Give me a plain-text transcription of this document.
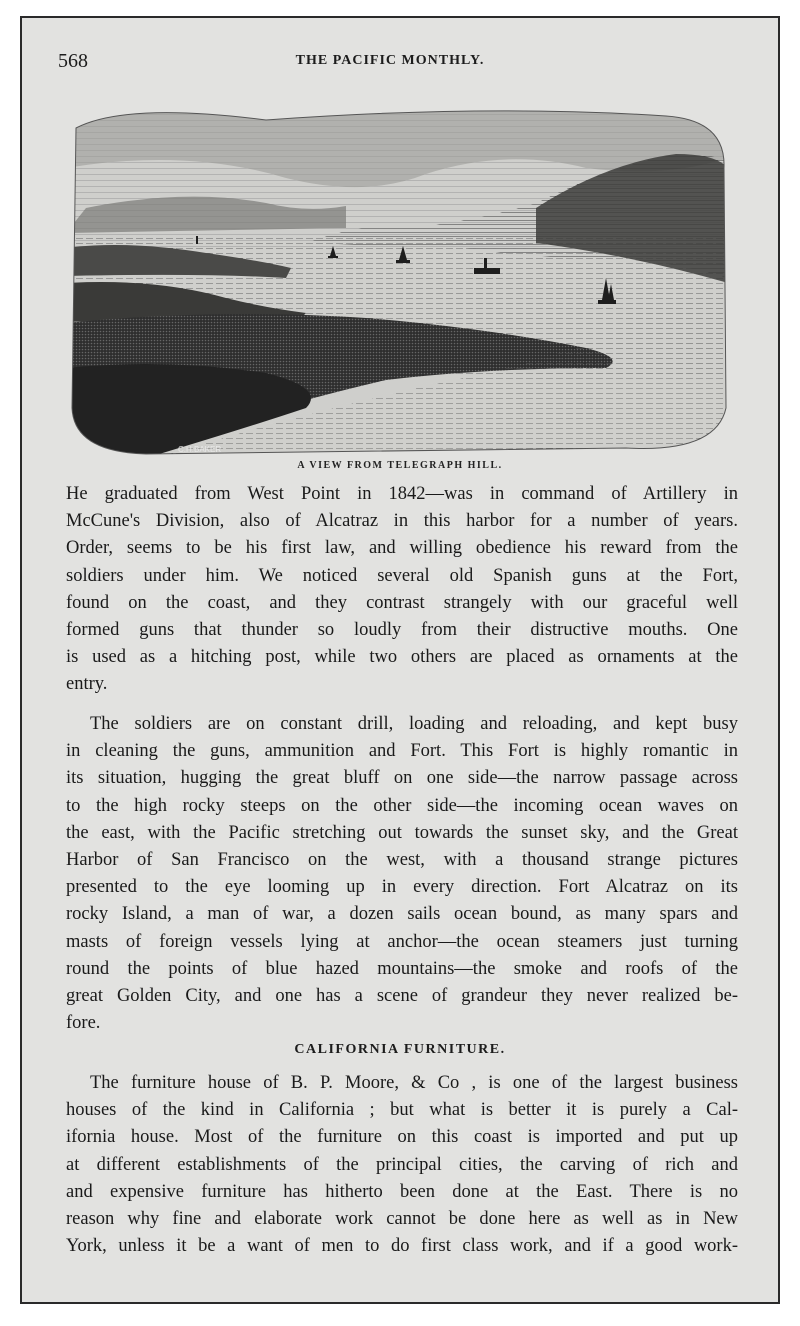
568	THE PACIFIC MONTHLY.
C.H.BAKER
A VIEW FROM TELEGRAPH HILL.
He graduated from West Point in 1842—was in command of Artillery in
McCune's Division, also of Alcatraz in this harbor for a number of years.
Order, seems to be his first law, and willing obedience his reward from the
soldiers under him. We noticed several old Spanish guns at the Fort,
found on the coast, and they contrast strangely with our graceful well
formed guns that thunder so loudly from their distructive mouths. One
is used as a hitching post, while two others are placed as ornaments at the
entry.
The soldiers are on constant drill, loading and reloading, and kept busy
in cleaning the guns, ammunition and Fort. This Fort is highly romantic in
its situation, hugging the great bluff on one side—the narrow passage across
to the high rocky steeps on the other side—the incoming ocean waves on
the east, with the Pacific stretching out towards the sunset sky, and the Great
Harbor of San Francisco on the west, with a thousand strange pictures
presented to the eye looming up in every direction. Fort Alcatraz on its
rocky Island, a man of war, a dozen sails ocean bound, as many spars and
masts of foreign vessels lying at anchor—the ocean steamers just turning
round the points of blue hazed mountains—the smoke and roofs of the
great Golden City, and one has a scene of grandeur they never realized be-
fore.
CALIFORNIA FURNITURE.
The furniture house of B. P. Moore, & Co , is one of the largest business
houses of the kind in California ; but what is better it is purely a Cal-
ifornia house. Most of the furniture on this coast is imported and put up
at different establishments of the principal cities, the carving of rich and
and expensive furniture has hitherto been done at the East. There is no
reason why fine and elaborate work cannot be done here as well as in New
York, unless it be a want of men to do first class work, and if a good work-
